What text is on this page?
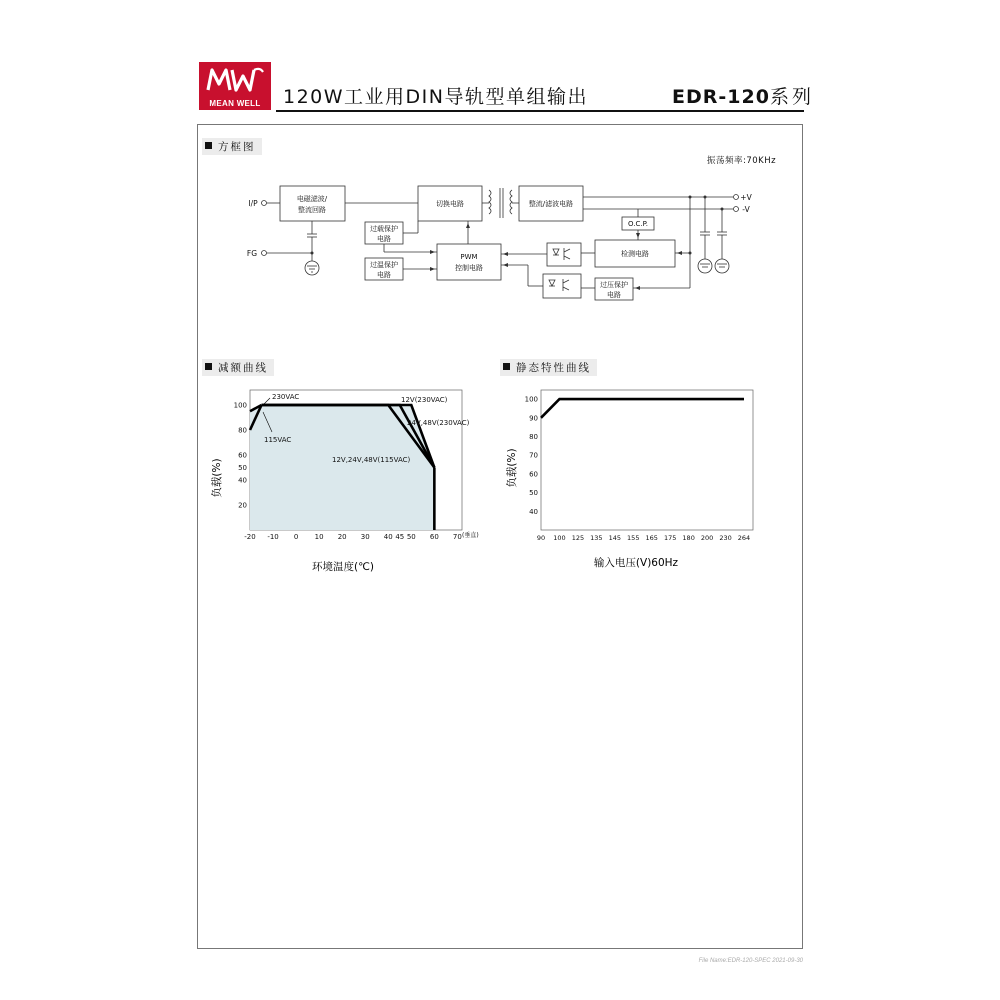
MEAN WELL	120W工业用DIN导轨型单组输出	EDR-120系列
方框图
振荡频率:70KHz
减额曲线	静态特性曲线
I/P
FG
电磁滤波/
整流回路
切换电路	整流/滤波电路
过载保护
电路
过温保护
电路
PWM
控制电路
O.C.P.
检测电路
过压保护
电路
+V
-V
-20 -10 0 10 20 30 40 45 50 60 70
100
80
60
50
40
20
230VAC
115VAC
12V(230VAC)
24V,48V(230VAC)
12V,24V,48V(115VAC)
(垂直)
负载(%)
环境温度(℃)
90 100 125 135 145 155 165 175 180 200 230 264
100
90
80
70
60
50
40
负载(%)
输入电压(V)60Hz
File Name:EDR-120-SPEC 2021-09-30
